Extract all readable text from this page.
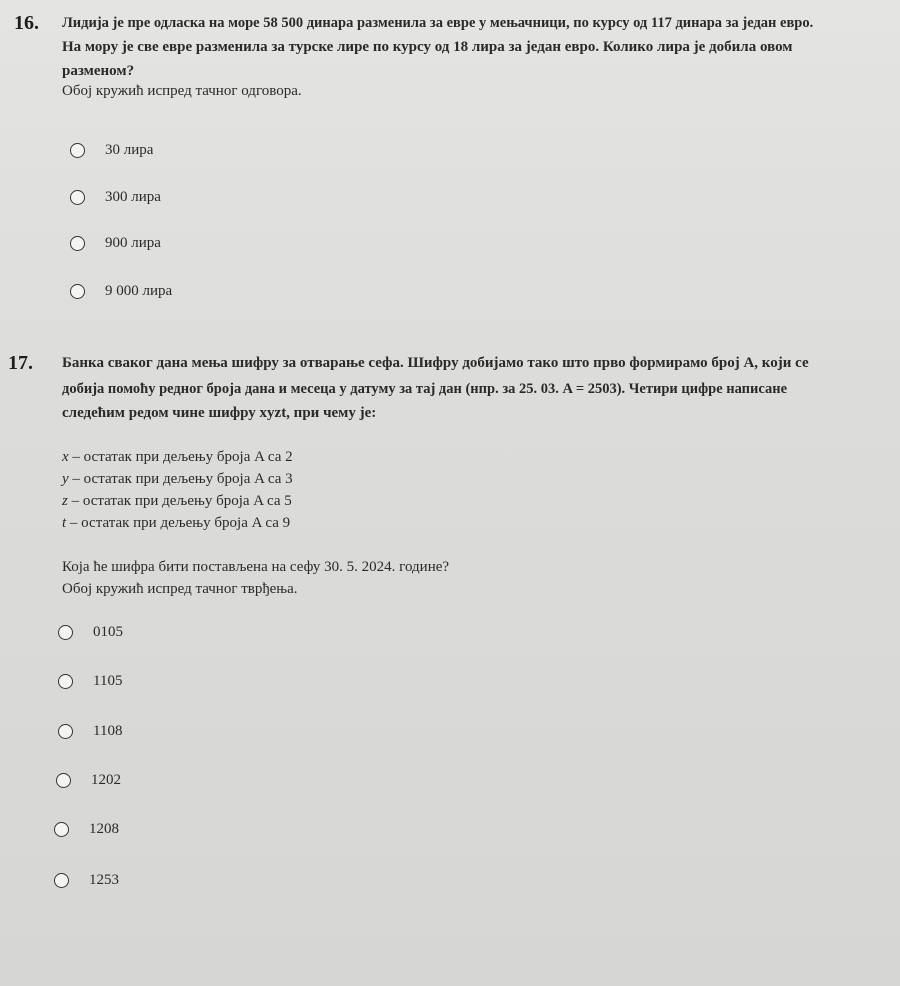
16. Лидија је пре одласка на море 58 500 динара разменила за евре у мењачници, по курсу од 117 динара за један евро.
На мору је све евре разменила за турске лире по курсу од 18 лира за један евро. Колико лира је добила овом
разменом?
Обој кружић испред тачног одговора.
30 лира
300 лира
900 лира
9 000 лира
17. Банка сваког дана мења шифру за отварање сефа. Шифру добијамо тако што прво формирамо број A, који се
добија помоћу редног броја дана и месеца у датуму за тај дан (нпр. за 25. 03. A = 2503). Четири цифре написане
следећим редом чине шифру xyzt, при чему је:
x – остатак при дељењу броја A са 2
y – остатак при дељењу броја A са 3
z – остатак при дељењу броја A са 5
t – остатак при дељењу броја A са 9
Која ће шифра бити постављена на сефу 30. 5. 2024. године?
Обој кружић испред тачног тврђења.
0105
1105
1108
1202
1208
1253
